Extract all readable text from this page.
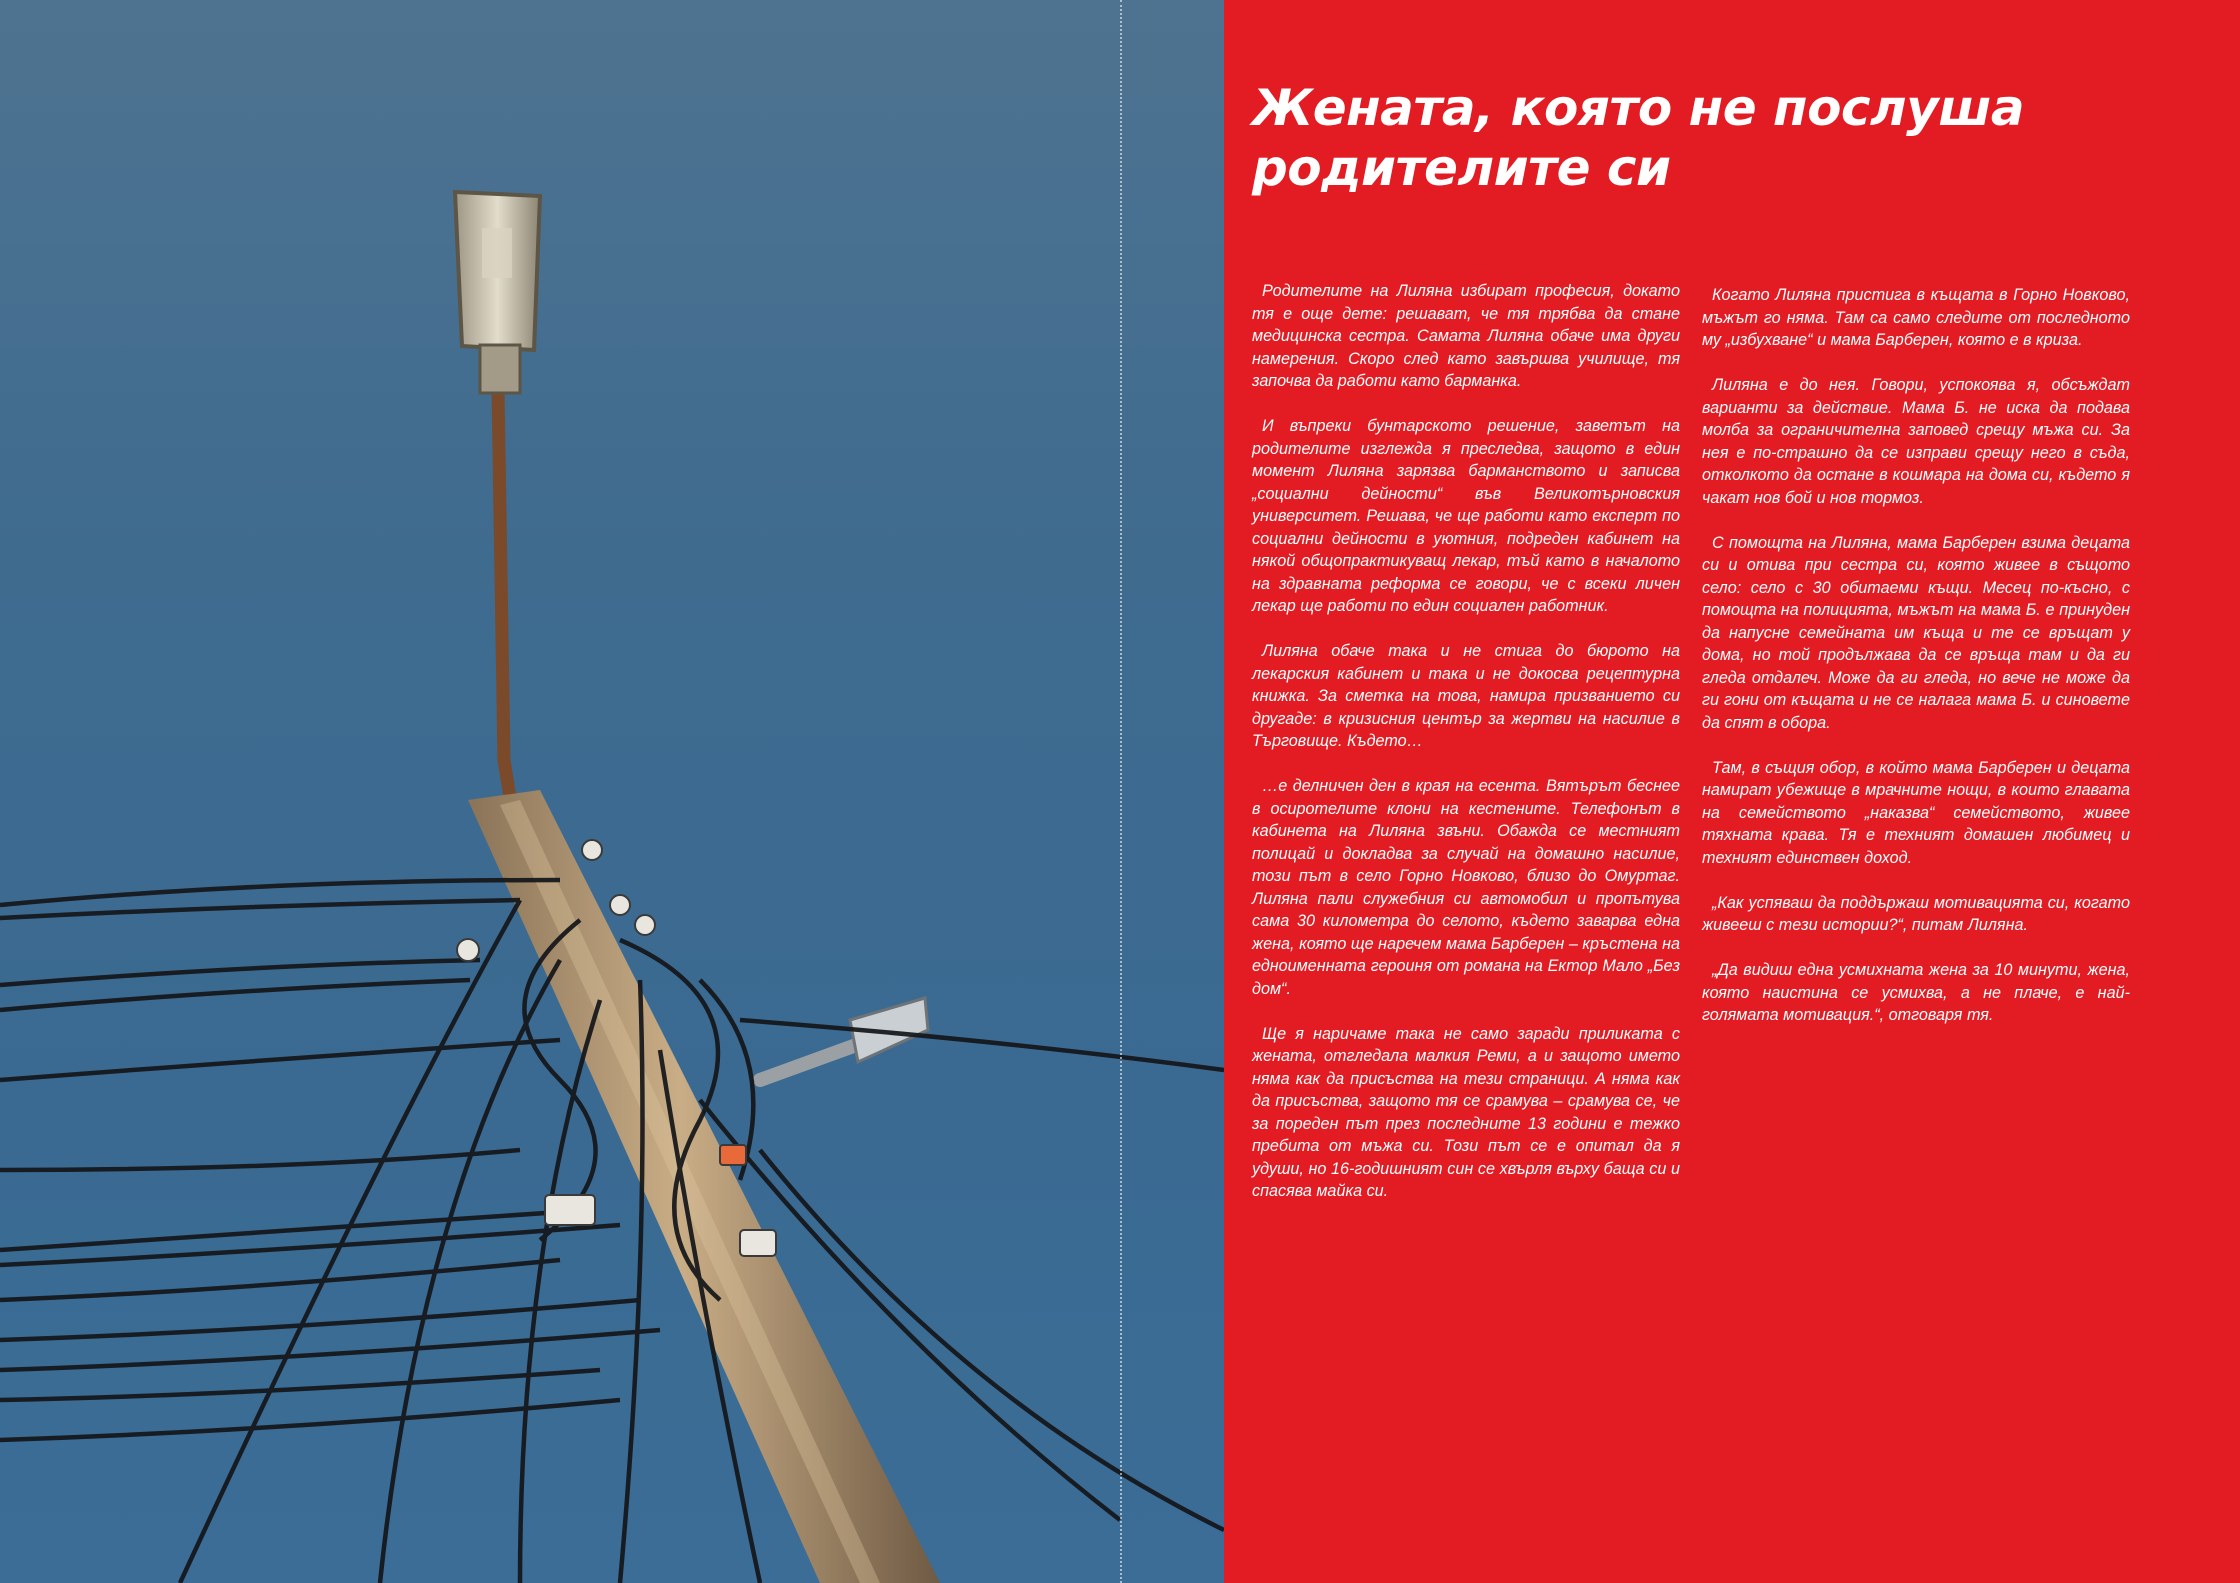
Жената, която не послуша
родителите си

Родителите на Лиляна избират професия, докато тя е още дете: решават, че тя трябва да стане медицинска сестра. Самата Лиляна обаче има други намерения. Скоро след като завършва училище, тя започва да работи като барманка.

И въпреки бунтарското решение, заветът на родителите изглежда я преследва, защото в един момент Лиляна зарязва барманството и записва „социални дейности“ във Великотърновския университет. Решава, че ще работи като експерт по социални дейности в уютния, подреден кабинет на някой общопрактикуващ лекар, тъй като в началото на здравната реформа се говори, че с всеки личен лекар ще работи по един социален работник.

Лиляна обаче така и не стига до бюрото на лекарския кабинет и така и не докосва рецептурна книжка. За сметка на това, намира призванието си другаде: в кризисния център за жертви на насилие в Търговище. Където…

…е делничен ден в края на есента. Вятърът беснее в осиротелите клони на кестените. Телефонът в кабинета на Лиляна звъни. Обажда се местният полицай и докладва за случай на домашно насилие, този път в село Горно Новково, близо до Омуртаг. Лиляна пали служебния си автомобил и пропътува сама 30 километра до селото, където заварва една жена, която ще наречем мама Барберен – кръстена на едноименната героиня от романа на Ектор Мало „Без дом“.

Ще я наричаме така не само заради приликата с жената, отгледала малкия Реми, а и защото името няма как да присъства на тези страници. А няма как да присъства, защото тя се срамува – срамува се, че за пореден път през последните 13 години е тежко пребита от мъжа си. Този път се е опитал да я удуши, но 16-годишният син се хвърля върху баща си и спасява майка си.

Когато Лиляна пристига в къщата в Горно Новково, мъжът го няма. Там са само следите от последното му „избухване“ и мама Барберен, която е в криза.

Лиляна е до нея. Говори, успокоява я, обсъждат варианти за действие. Мама Б. не иска да подава молба за ограничителна заповед срещу мъжа си. За нея е по-страшно да се изправи срещу него в съда, отколкото да остане в кошмара на дома си, където я чакат нов бой и нов тормоз.

С помощта на Лиляна, мама Барберен взима децата си и отива при сестра си, която живее в същото село: село с 30 обитаеми къщи. Месец по-късно, с помощта на полицията, мъжът на мама Б. е принуден да напусне семейната им къща и те се връщат у дома, но той продължава да се връща там и да ги гледа отдалеч. Може да ги гледа, но вече не може да ги гони от къщата и не се налага мама Б. и синовете да спят в обора.

Там, в същия обор, в който мама Барберен и децата намират убежище в мрачните нощи, в които главата на семейството „наказва“ семейството, живее тяхната крава. Тя е техният домашен любимец и техният единствен доход.

„Как успяваш да поддържаш мотивацията си, когато живееш с тези истории?“, питам Лиляна.

„Да видиш една усмихната жена за 10 минути, жена, която наистина се усмихва, а не плаче, е най-голямата мотивация.“, отговаря тя.
